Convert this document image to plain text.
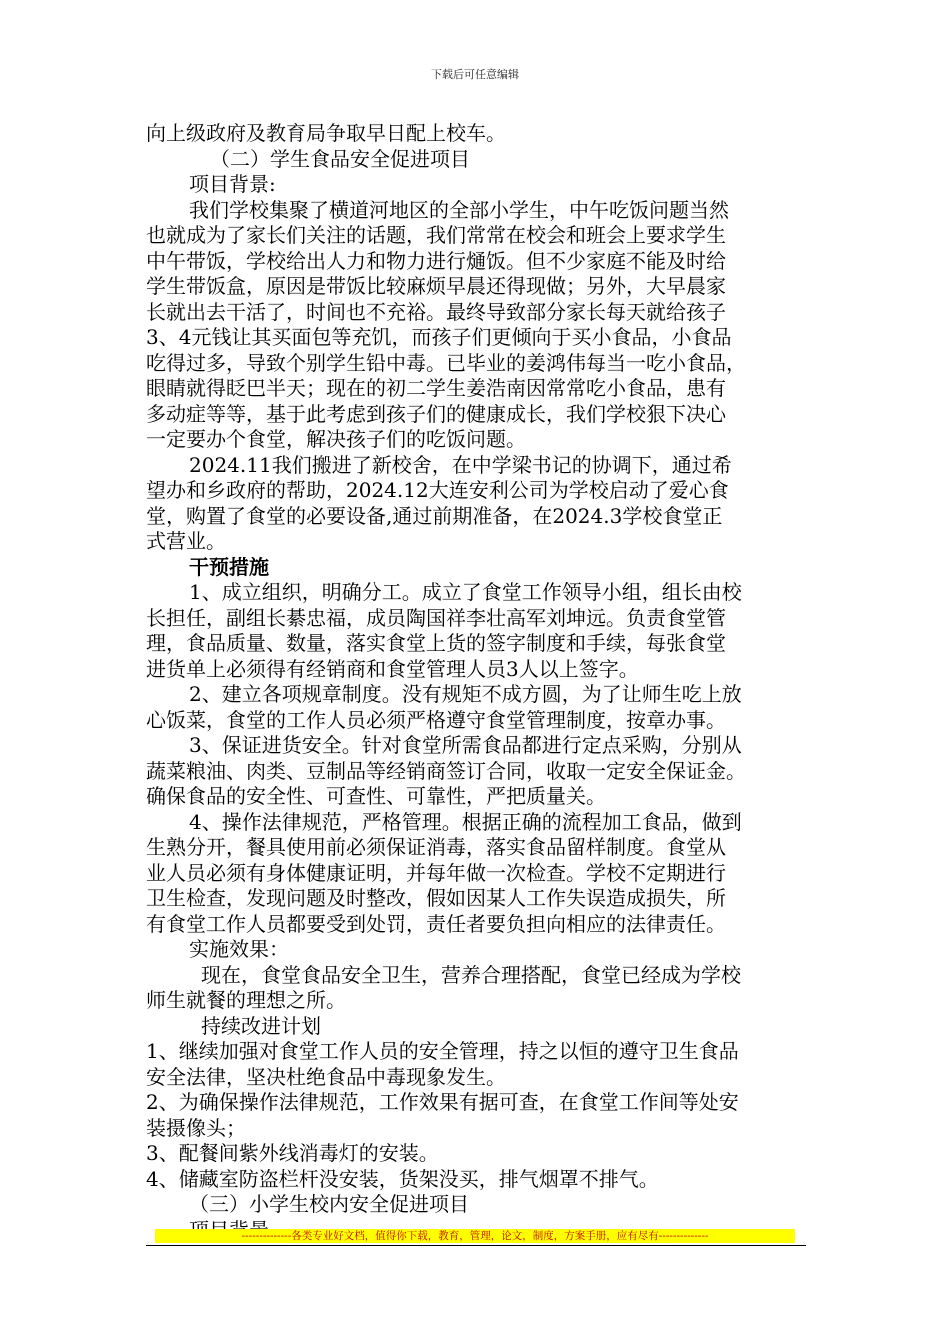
下载后可任意编辑
向上级政府及教育局争取早日配上校车。
（二）学生食品安全促进项目
项目背景:
我们学校集聚了横道河地区的全部小学生，中午吃饭问题当然
也就成为了家长们关注的话题，我们常常在校会和班会上要求学生
中午带饭，学校给出人力和物力进行熥饭。但不少家庭不能及时给
学生带饭盒，原因是带饭比较麻烦早晨还得现做；另外，大早晨家
长就出去干活了，时间也不充裕。最终导致部分家长每天就给孩子
3、4元钱让其买面包等充饥，而孩子们更倾向于买小食品，小食品
吃得过多，导致个别学生铅中毒。已毕业的姜鸿伟每当一吃小食品，
眼睛就得眨巴半天；现在的初二学生姜浩南因常常吃小食品，患有
多动症等等，基于此考虑到孩子们的健康成长，我们学校狠下决心
一定要办个食堂，解决孩子们的吃饭问题。
2024.11我们搬进了新校舍，在中学梁书记的协调下，通过希
望办和乡政府的帮助，2024.12大连安利公司为学校启动了爱心食
堂，购置了食堂的必要设备,通过前期准备，在2024.3学校食堂正
式营业。
干预措施
1、成立组织，明确分工。成立了食堂工作领导小组，组长由校
长担任，副组长綦忠福，成员陶国祥李壮高军刘坤远。负责食堂管
理，食品质量、数量，落实食堂上货的签字制度和手续，每张食堂
进货单上必须得有经销商和食堂管理人员3人以上签字。
2、建立各项规章制度。没有规矩不成方圆，为了让师生吃上放
心饭菜，食堂的工作人员必须严格遵守食堂管理制度，按章办事。
3、保证进货安全。针对食堂所需食品都进行定点采购，分别从
蔬菜粮油、肉类、豆制品等经销商签订合同，收取一定安全保证金。
确保食品的安全性、可查性、可靠性，严把质量关。
4、操作法律规范，严格管理。根据正确的流程加工食品，做到
生熟分开，餐具使用前必须保证消毒，落实食品留样制度。食堂从
业人员必须有身体健康证明，并每年做一次检查。学校不定期进行
卫生检查，发现问题及时整改，假如因某人工作失误造成损失，所
有食堂工作人员都要受到处罚，责任者要负担向相应的法律责任。
实施效果：
现在，食堂食品安全卫生，营养合理搭配，食堂已经成为学校
师生就餐的理想之所。
持续改进计划
1、继续加强对食堂工作人员的安全管理，持之以恒的遵守卫生食品
安全法律，坚决杜绝食品中毒现象发生。
2、为确保操作法律规范，工作效果有据可查，在食堂工作间等处安
装摄像头；
3、配餐间紫外线消毒灯的安装。
4、储藏室防盗栏杆没安装，货架没买，排气烟罩不排气。
（三）小学生校内安全促进项目
--------------各类专业好文档，值得你下载，教育，管理，论文，制度，方案手册，应有尽有--------------
